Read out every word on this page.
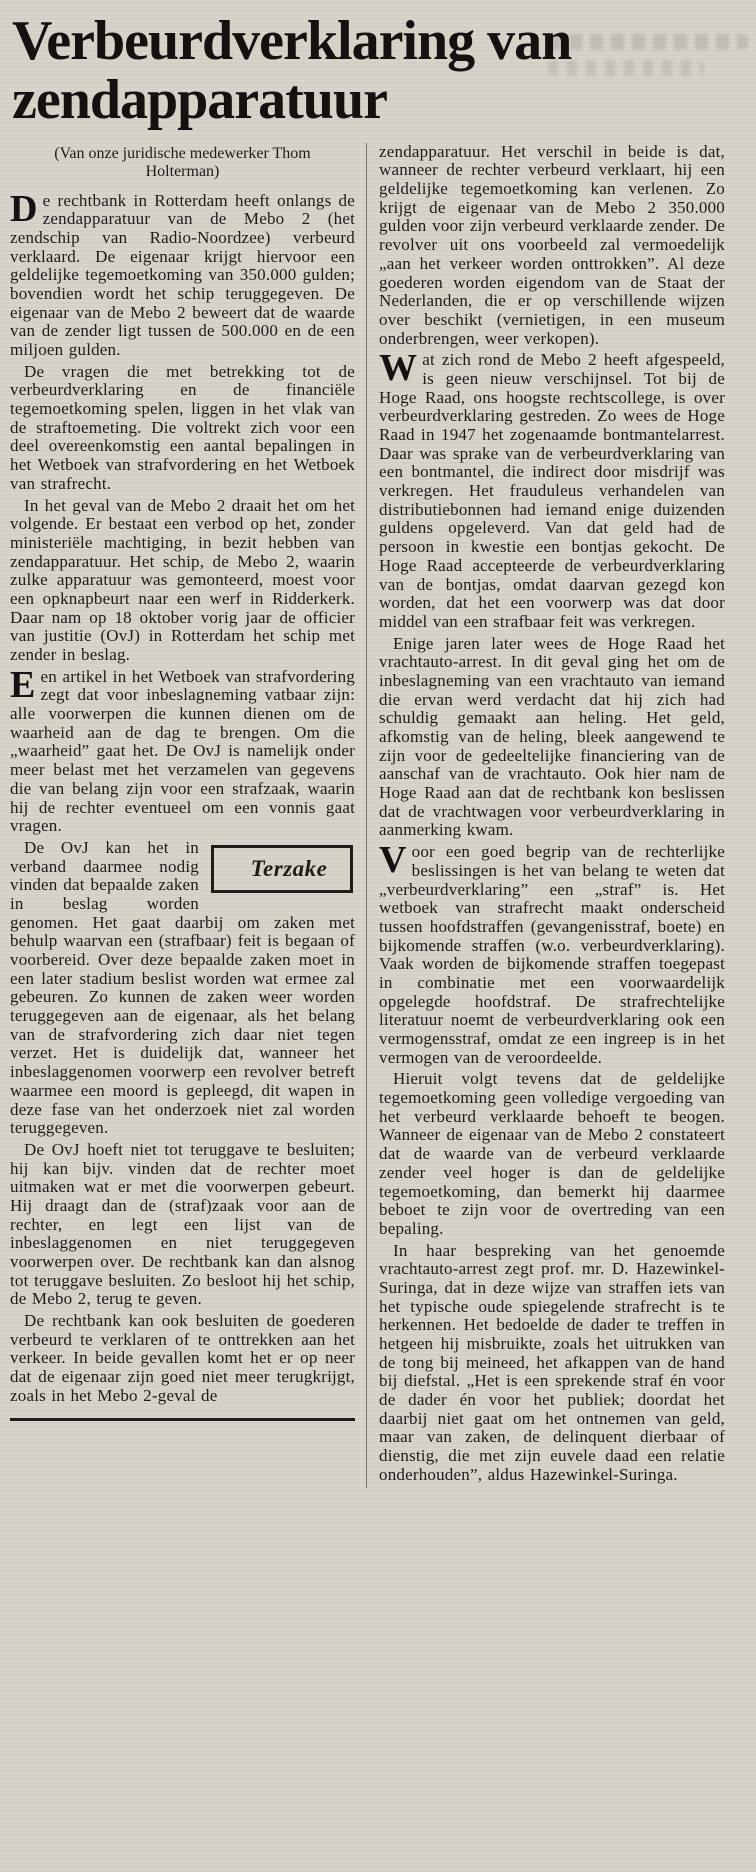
Verbeurdverklaring van
zendapparatuur
(Van onze juridische medewerker Thom Holterman)

De rechtbank in Rotterdam heeft onlangs de zendapparatuur van de Mebo 2 (het zendschip van Radio-Noordzee) verbeurd verklaard. De eigenaar krijgt hiervoor een geldelijke tegemoetkoming van 350.000 gulden; bovendien wordt het schip teruggegeven. De eigenaar van de Mebo 2 beweert dat de waarde van de zender ligt tussen de 500.000 en de een miljoen gulden.

De vragen die met betrekking tot de verbeurdverklaring en de financiële tegemoetkoming spelen, liggen in het vlak van de straftoemeting. Die voltrekt zich voor een deel overeenkomstig een aantal bepalingen in het Wetboek van strafvordering en het Wetboek van strafrecht.

In het geval van de Mebo 2 draait het om het volgende. Er bestaat een verbod op het, zonder ministeriële machtiging, in bezit hebben van zendapparatuur. Het schip, de Mebo 2, waarin zulke apparatuur was gemonteerd, moest voor een opknapbeurt naar een werf in Ridderkerk. Daar nam op 18 oktober vorig jaar de officier van justitie (OvJ) in Rotterdam het schip met zender in beslag.

Een artikel in het Wetboek van strafvordering zegt dat voor inbeslagneming vatbaar zijn: alle voorwerpen die kunnen dienen om de waarheid aan de dag te brengen. Om die „waarheid” gaat het. De OvJ is namelijk onder meer belast met het verzamelen van gegevens die van belang zijn voor een strafzaak, waarin hij de rechter eventueel om een vonnis gaat vragen.

Terzake
De OvJ kan het in verband daarmee nodig vinden dat bepaalde zaken in beslag worden genomen. Het gaat daarbij om zaken met behulp waarvan een (strafbaar) feit is begaan of voorbereid. Over deze bepaalde zaken moet in een later stadium beslist worden wat ermee zal gebeuren. Zo kunnen de zaken weer worden teruggegeven aan de eigenaar, als het belang van de strafvordering zich daar niet tegen verzet. Het is duidelijk dat, wanneer het inbeslaggenomen voorwerp een revolver betreft waarmee een moord is gepleegd, dit wapen in deze fase van het onderzoek niet zal worden teruggegeven.

De OvJ hoeft niet tot teruggave te besluiten; hij kan bijv. vinden dat de rechter moet uitmaken wat er met die voorwerpen gebeurt. Hij draagt dan de (straf)zaak voor aan de rechter, en legt een lijst van de inbeslaggenomen en niet teruggegeven voorwerpen over. De rechtbank kan dan alsnog tot teruggave besluiten. Zo besloot hij het schip, de Mebo 2, terug te geven.

De rechtbank kan ook besluiten de goederen verbeurd te verklaren of te onttrekken aan het verkeer. In beide gevallen komt het er op neer dat de eigenaar zijn goed niet meer terugkrijgt, zoals in het Mebo 2-geval de

zendapparatuur. Het verschil in beide is dat, wanneer de rechter verbeurd verklaart, hij een geldelijke tegemoetkoming kan verlenen. Zo krijgt de eigenaar van de Mebo 2 350.000 gulden voor zijn verbeurd verklaarde zender. De revolver uit ons voorbeeld zal vermoedelijk „aan het verkeer worden onttrokken”. Al deze goederen worden eigendom van de Staat der Nederlanden, die er op verschillende wijzen over beschikt (vernietigen, in een museum onderbrengen, weer verkopen).

Wat zich rond de Mebo 2 heeft afgespeeld, is geen nieuw verschijnsel. Tot bij de Hoge Raad, ons hoogste rechtscollege, is over verbeurdverklaring gestreden. Zo wees de Hoge Raad in 1947 het zogenaamde bontmantelarrest. Daar was sprake van de verbeurdverklaring van een bontmantel, die indirect door misdrijf was verkregen. Het frauduleus verhandelen van distributiebonnen had iemand enige duizenden guldens opgeleverd. Van dat geld had de persoon in kwestie een bontjas gekocht. De Hoge Raad accepteerde de verbeurdverklaring van de bontjas, omdat daarvan gezegd kon worden, dat het een voorwerp was dat door middel van een strafbaar feit was verkregen.

Enige jaren later wees de Hoge Raad het vrachtauto-arrest. In dit geval ging het om de inbeslagneming van een vrachtauto van iemand die ervan werd verdacht dat hij zich had schuldig gemaakt aan heling. Het geld, afkomstig van de heling, bleek aangewend te zijn voor de gedeeltelijke financiering van de aanschaf van de vrachtauto. Ook hier nam de Hoge Raad aan dat de rechtbank kon beslissen dat de vrachtwagen voor verbeurdverklaring in aanmerking kwam.

Voor een goed begrip van de rechterlijke beslissingen is het van belang te weten dat „verbeurdverklaring” een „straf” is. Het wetboek van strafrecht maakt onderscheid tussen hoofdstraffen (gevangenisstraf, boete) en bijkomende straffen (w.o. verbeurdverklaring). Vaak worden de bijkomende straffen toegepast in combinatie met een voorwaardelijk opgelegde hoofdstraf. De strafrechtelijke literatuur noemt de verbeurdverklaring ook een vermogensstraf, omdat ze een ingreep is in het vermogen van de veroordeelde.

Hieruit volgt tevens dat de geldelijke tegemoetkoming geen volledige vergoeding van het verbeurd verklaarde behoeft te beogen. Wanneer de eigenaar van de Mebo 2 constateert dat de waarde van de verbeurd verklaarde zender veel hoger is dan de geldelijke tegemoetkoming, dan bemerkt hij daarmee beboet te zijn voor de overtreding van een bepaling.

In haar bespreking van het genoemde vrachtauto-arrest zegt prof. mr. D. Hazewinkel-Suringa, dat in deze wijze van straffen iets van het typische oude spiegelende strafrecht is te herkennen. Het bedoelde de dader te treffen in hetgeen hij misbruikte, zoals het uitrukken van de tong bij meineed, het afkappen van de hand bij diefstal. „Het is een sprekende straf én voor de dader én voor het publiek; doordat het daarbij niet gaat om het ontnemen van geld, maar van zaken, de delinquent dierbaar of dienstig, die met zijn euvele daad een relatie onderhouden”, aldus Hazewinkel-Suringa.
